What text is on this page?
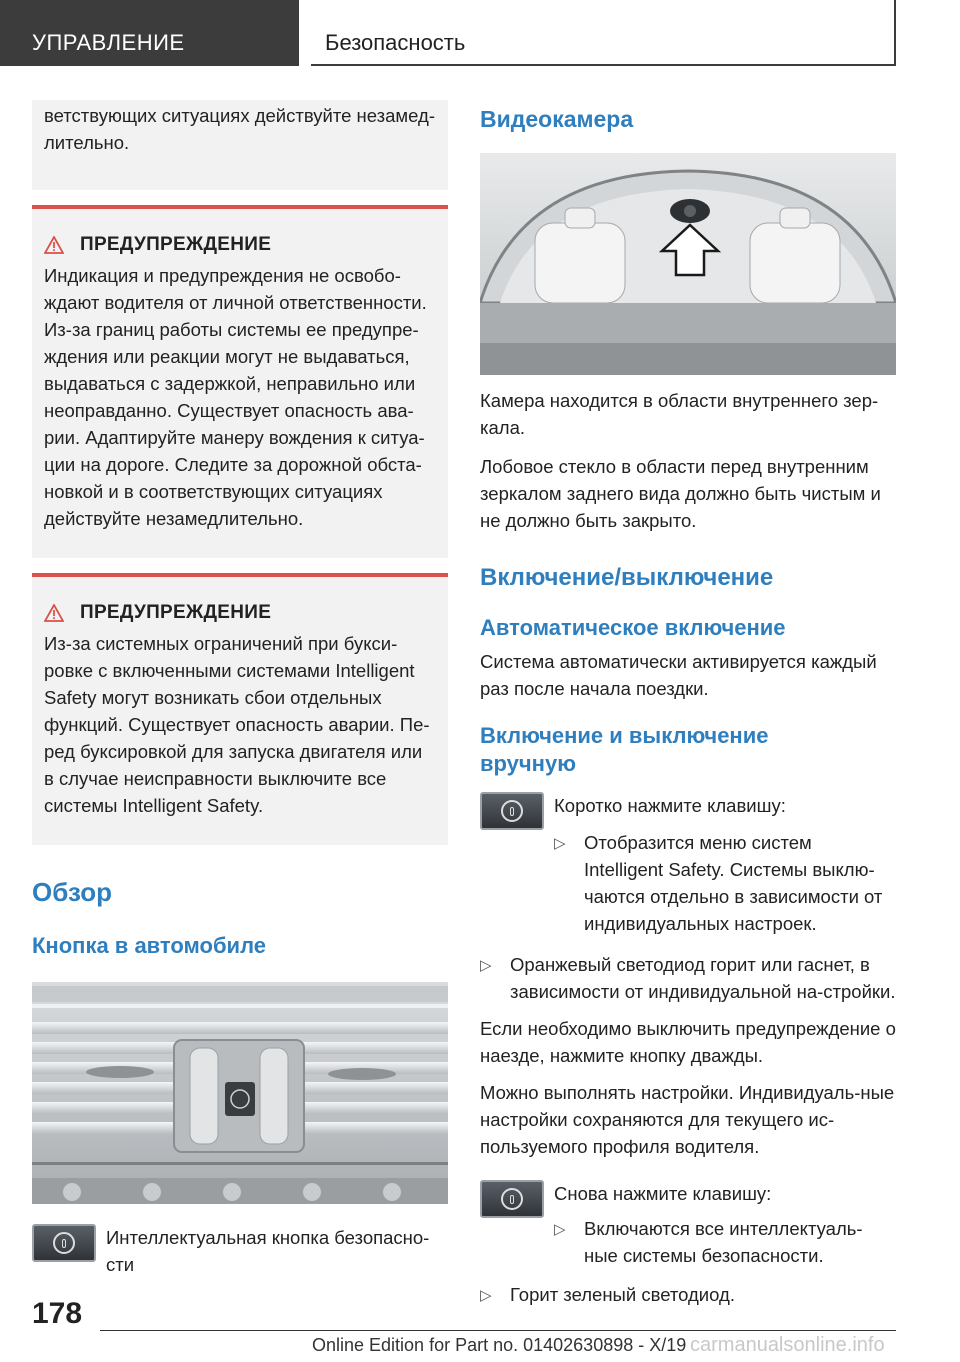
УПРАВЛЕНИЕ	Безопасность
ветствующих ситуациях действуйте незамед-лительно.
ПРЕДУПРЕЖДЕНИЕ
Индикация и предупреждения не освобо-
ждают водителя от личной ответственности.
Из-за границ работы системы ее предупре-
ждения или реакции могут не выдаваться,
выдаваться с задержкой, неправильно или
неоправданно. Существует опасность ава-
рии. Адаптируйте манеру вождения к ситуа-
ции на дороге. Следите за дорожной обста-
новкой и в соответствующих ситуациях
действуйте незамедлительно.
ПРЕДУПРЕЖДЕНИЕ
Из-за системных ограничений при букси-
ровке с включенными системами Intelligent
Safety могут возникать сбои отдельных
функций. Существует опасность аварии. Пе-
ред буксировкой для запуска двигателя или
в случае неисправности выключите все
системы Intelligent Safety.
Обзор
Кнопка в автомобиле

Интеллектуальная кнопка безопасно-сти

Видеокамера

Камера находится в области внутреннего зер-кала.

Лобовое стекло в области перед внутренним зеркалом заднего вида должно быть чистым и не должно быть закрыто.

Включение/выключение
Автоматическое включение

Система автоматически активируется каждый раз после начала поездки.

Включение и выключение вручную

Коротко нажмите клавишу:

▷ Отобразится меню систем Intelligent Safety. Системы выклю-чаются отдельно в зависимости от индивидуальных настроек.
▷ Оранжевый светодиод горит или гаснет, в зависимости от индивидуальной на-стройки.

Если необходимо выключить предупреждение о наезде, нажмите кнопку дважды.

Можно выполнять настройки. Индивидуаль-ные настройки сохраняются для текущего ис-пользуемого профиля водителя.

Снова нажмите клавишу:

▷ Включаются все интеллектуаль-ные системы безопасности.
▷ Горит зеленый светодиод.
178
Online Edition for Part no. 01402630898 - X/19 carmanualsonline.info
